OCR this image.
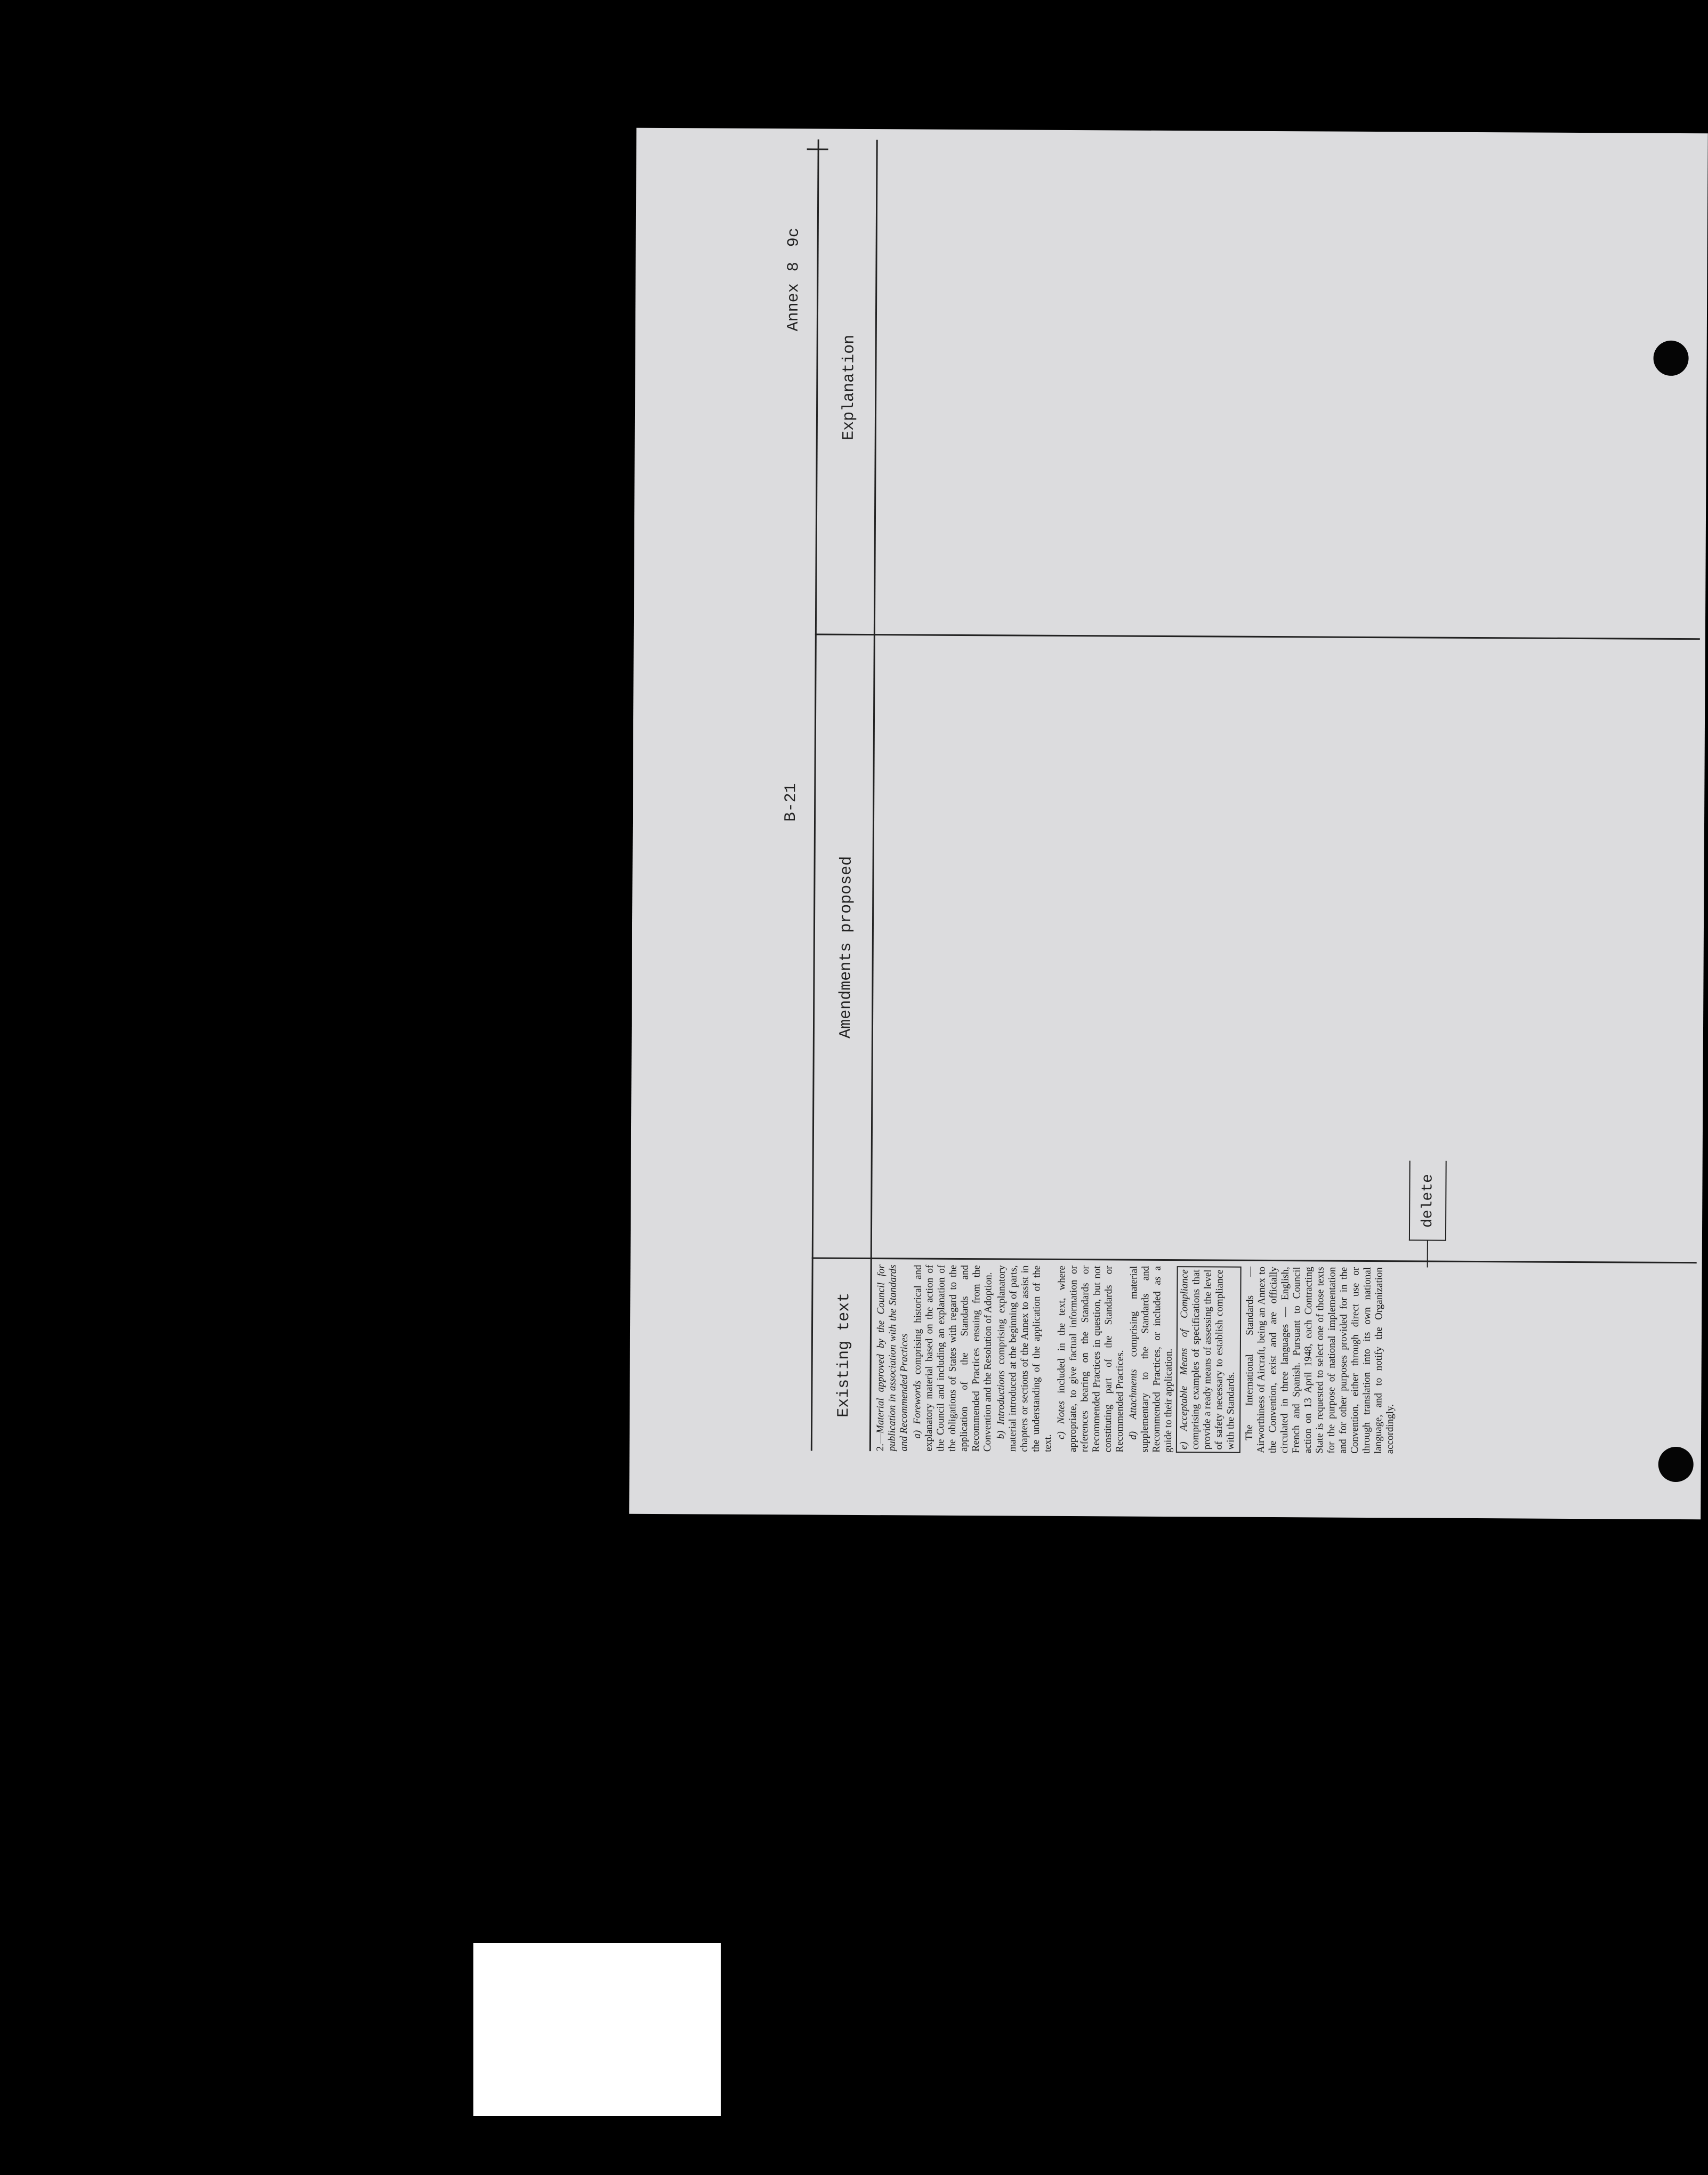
B-21
Annex 89c
Existing text
Amendments proposed
Explanation

2.—Material approved by the Council for publication in association with the Standards and Recommended Practices a) Forewords comprising historical and explanatory material based on the action of the Council and including an explanation of the obligations of States with regard to the application of the Standards and Recommended Practices ensuing from the Convention and the Resolution of Adoption. b) Introductions comprising explanatory material introduced at the beginning of parts, chapters or sections of the Annex to assist in the understanding of the application of the text.

c) Notes included in the text, where appropriate, to give factual information or references bearing on the Standards or Recommended Practices in question, but not constituting part of the Standards or Recommended Practices. d) Attachments comprising material supplementary to the Standards and Recommended Practices, or included as a guide to their application. e) Acceptable Means of Compliance comprising examples of specifications that provide a ready means of assessing the level of safety necessary to establish compliance with the Standards. The International Standards — Airworthiness of Aircraft, being an Annex to the Convention, exist and are officially circulated in three languages — English, French and Spanish. Pursuant to Council action on 13 April 1948, each Contracting State is requested to select one of those texts for the purpose of national implementation and for other purposes provided for in the Convention, either through direct use or through translation into its own national language, and to notify the Organization accordingly.

delete
